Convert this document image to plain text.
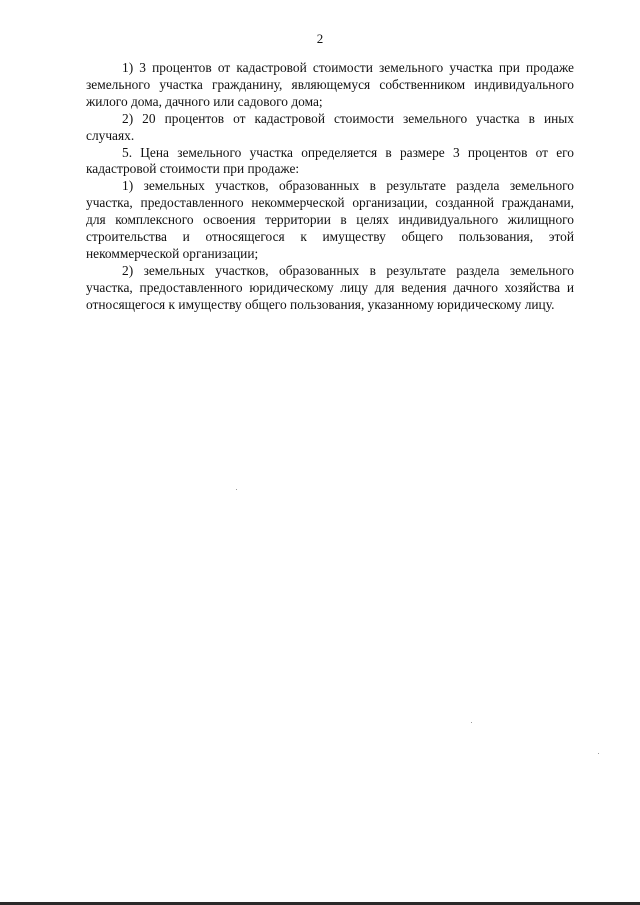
2

1) 3 процентов от кадастровой стоимости земельного участка при продаже земельного участка гражданину, являющемуся собственником индивидуального жилого дома, дачного или садового дома;

2) 20 процентов от кадастровой стоимости земельного участка в иных случаях.

5. Цена земельного участка определяется в размере 3 процентов от его кадастровой стоимости при продаже:

1) земельных участков, образованных в результате раздела земельного участка, предоставленного некоммерческой организации, созданной гражданами, для комплексного освоения территории в целях индивидуального жилищного строительства и относящегося к имуществу общего пользования, этой некоммерческой организации;

2) земельных участков, образованных в результате раздела земельного участка, предоставленного юридическому лицу для ведения дачного хозяйства и относящегося к имуществу общего пользования, указанному юридическому лицу.
